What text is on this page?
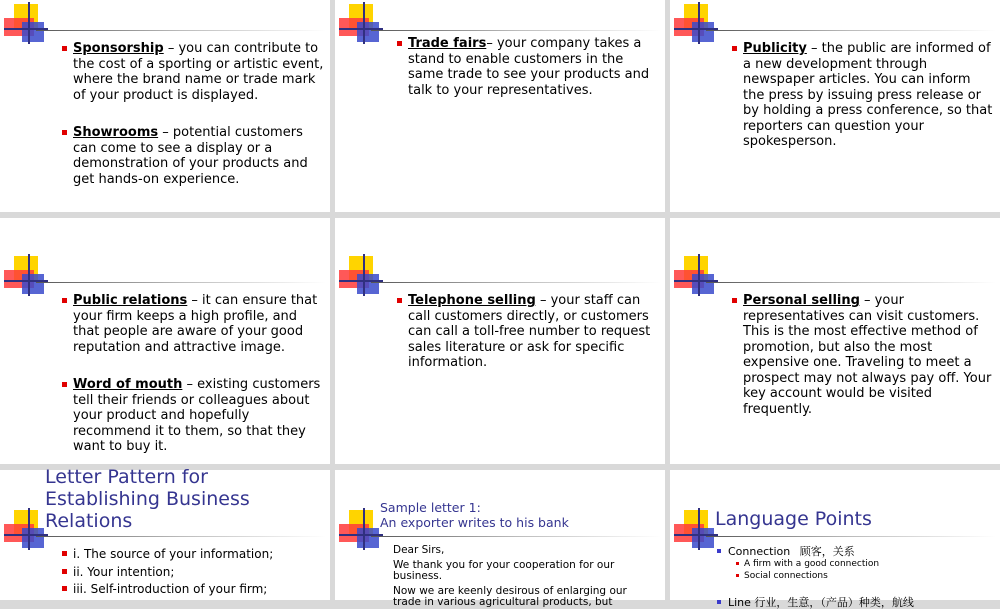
Sponsorship – you can contribute to the cost of a sporting or artistic event, where the brand name or trade mark of your product is displayed.

Showrooms – potential customers can come to see a display or a demonstration of your products and get hands-on experience.

Trade fairs– your company takes a stand to enable customers in the same trade to see your products and talk to your representatives.

Publicity – the public are informed of a new development through newspaper articles. You can inform the press by issuing press release or by holding a press conference, so that reporters can question your spokesperson.

Public relations – it can ensure that your firm keeps a high profile, and that people are aware of your good reputation and attractive image.

Word of mouth – existing customers tell their friends or colleagues about your product and hopefully recommend it to them, so that they want to buy it.

Telephone selling – your staff can call customers directly, or customers can call a toll-free number to request sales literature or ask for specific information.

Personal selling – your representatives can visit customers. This is the most effective method of promotion, but also the most expensive one. Traveling to meet a prospect may not always pay off. Your key account would be visited frequently.

Letter Pattern for Establishing Business Relations

i. The source of your information;

ii. Your intention;

iii. Self-introduction of your firm;

Sample letter 1:
An exporter writes to his bank
Dear Sirs,
We thank you for your cooperation for our business.
Now we are keenly desirous of enlarging our trade in various agricultural products, but
Language Points
Connection 顾客，关系
A firm with a good connection
Social connections
Line 行业，生意，（产品）种类，航线
